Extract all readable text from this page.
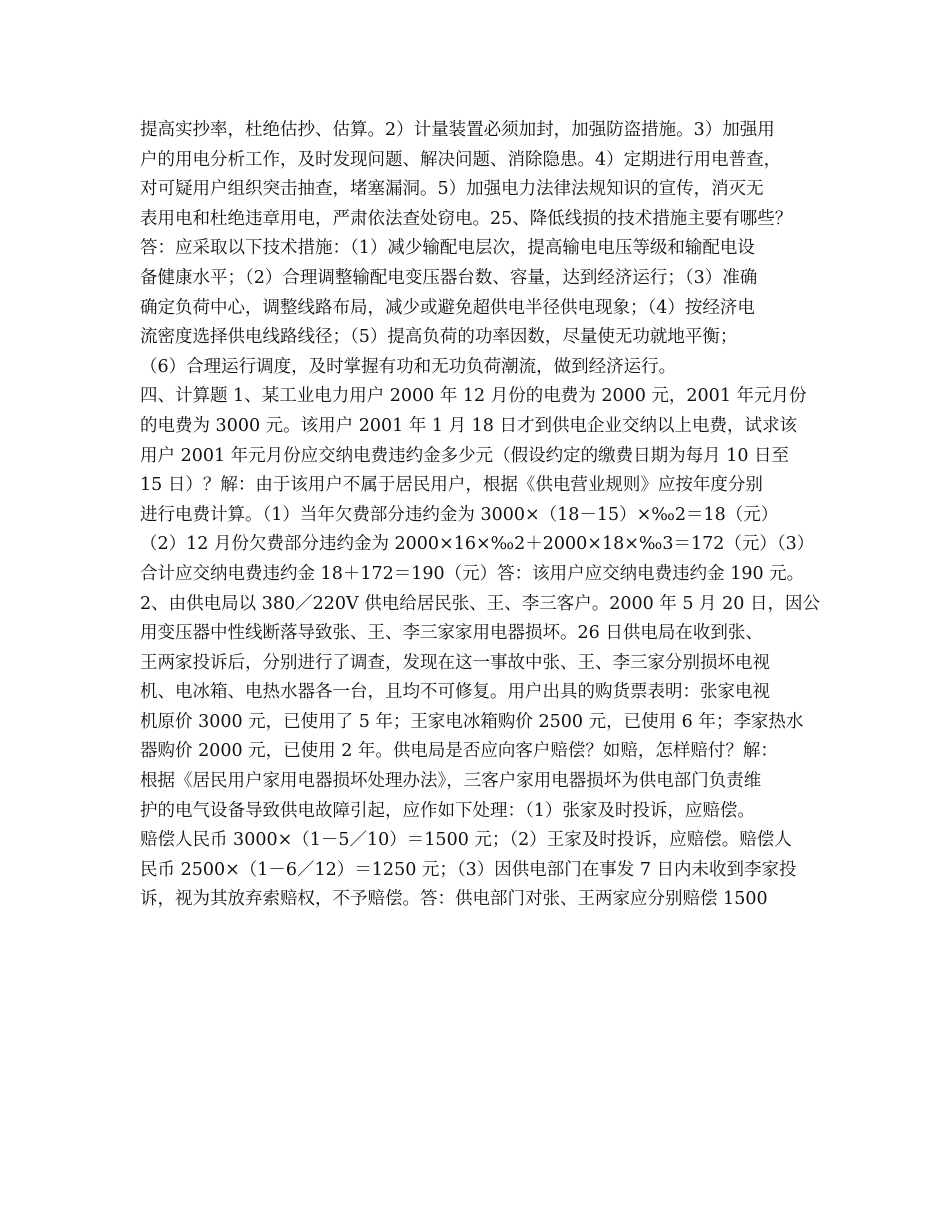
提高实抄率，杜绝估抄、估算。2）计量装置必须加封，加强防盗措施。3）加强用
户的用电分析工作，及时发现问题、解决问题、消除隐患。4）定期进行用电普查，
对可疑用户组织突击抽查，堵塞漏洞。5）加强电力法律法规知识的宣传，消灭无
表用电和杜绝违章用电，严肃依法查处窃电。25、降低线损的技术措施主要有哪些？
答：应采取以下技术措施：（1）减少输配电层次，提高输电电压等级和输配电设
备健康水平；（2）合理调整输配电变压器台数、容量，达到经济运行；（3）准确
确定负荷中心，调整线路布局，减少或避免超供电半径供电现象；（4）按经济电
流密度选择供电线路线径；（5）提高负荷的功率因数，尽量使无功就地平衡；
（6）合理运行调度，及时掌握有功和无功负荷潮流，做到经济运行。
四、计算题 1、某工业电力用户 2000 年 12 月份的电费为 2000 元，2001 年元月份
的电费为 3000 元。该用户 2001 年 1 月 18 日才到供电企业交纳以上电费，试求该
用户 2001 年元月份应交纳电费违约金多少元（假设约定的缴费日期为每月 10 日至
15 日）？解：由于该用户不属于居民用户，根据《供电营业规则》应按年度分别
进行电费计算。（1）当年欠费部分违约金为 3000×（18－15）×‰2＝18（元）
（2）12 月份欠费部分违约金为 2000×16×‰2＋2000×18×‰3＝172（元）（3）
合计应交纳电费违约金 18＋172＝190（元）答：该用户应交纳电费违约金 190 元。
2、由供电局以 380／220V 供电给居民张、王、李三客户。2000 年 5 月 20 日，因公
用变压器中性线断落导致张、王、李三家家用电器损坏。26 日供电局在收到张、
王两家投诉后，分别进行了调查，发现在这一事故中张、王、李三家分别损坏电视
机、电冰箱、电热水器各一台，且均不可修复。用户出具的购货票表明：张家电视
机原价 3000 元，已使用了 5 年；王家电冰箱购价 2500 元，已使用 6 年；李家热水
器购价 2000 元，已使用 2 年。供电局是否应向客户赔偿？如赔，怎样赔付？解：
根据《居民用户家用电器损坏处理办法》，三客户家用电器损坏为供电部门负责维
护的电气设备导致供电故障引起，应作如下处理：（1）张家及时投诉，应赔偿。
赔偿人民币 3000×（1－5／10）＝1500 元；（2）王家及时投诉，应赔偿。赔偿人
民币 2500×（1－6／12）＝1250 元；（3）因供电部门在事发 7 日内未收到李家投
诉，视为其放弃索赔权，不予赔偿。答：供电部门对张、王两家应分别赔偿 1500
